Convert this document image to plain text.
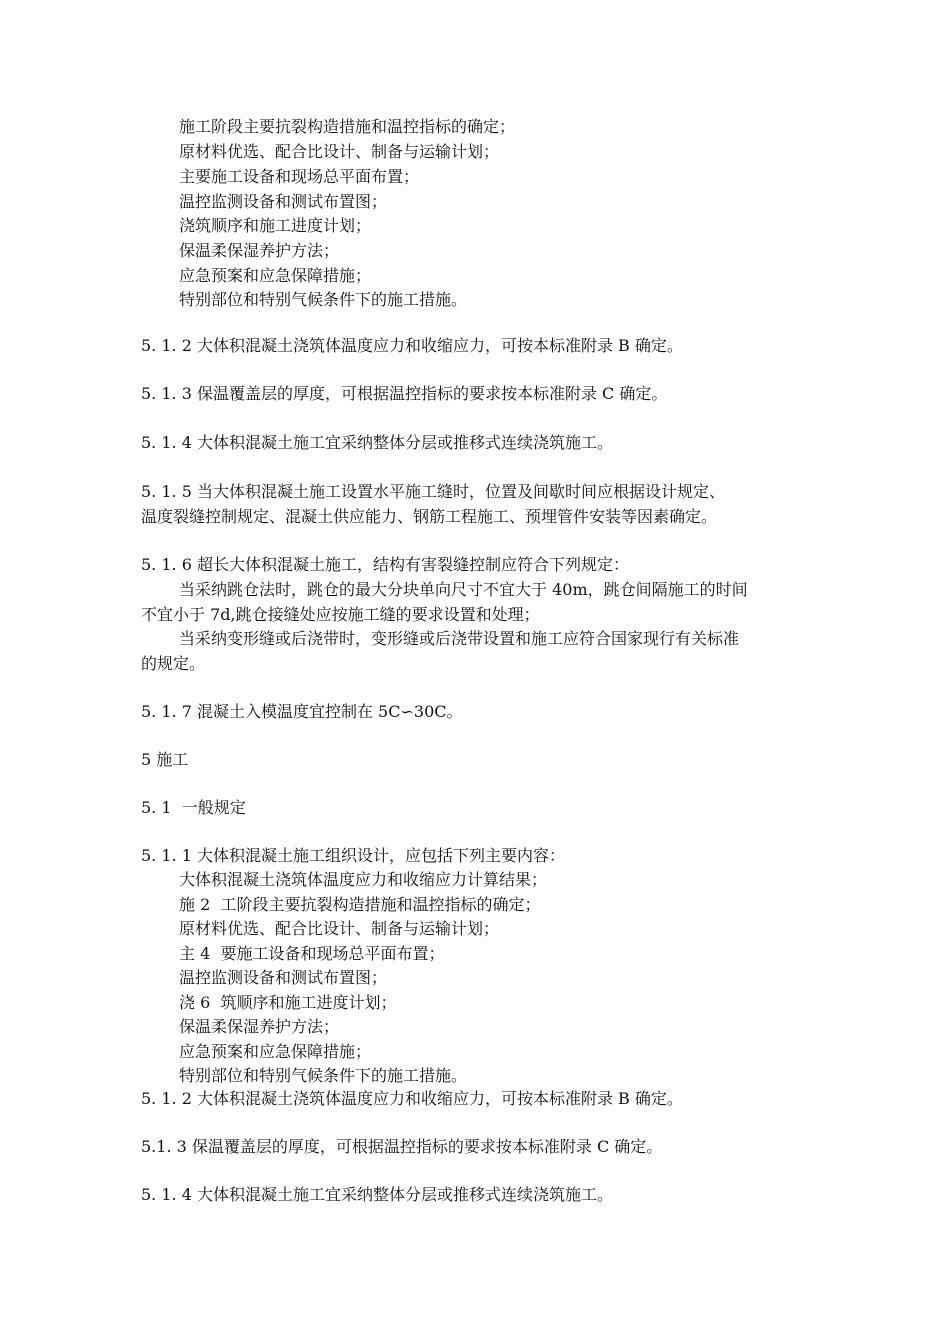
施工阶段主要抗裂构造措施和温控指标的确定；
原材料优选、配合比设计、制备与运输计划；
主要施工设备和现场总平面布置；
温控监测设备和测试布置图；
浇筑顺序和施工进度计划；
保温柔保湿养护方法；
应急预案和应急保障措施；
特别部位和特别气候条件下的施工措施。
5. 1. 2 大体积混凝土浇筑体温度应力和收缩应力，可按本标准附录 B 确定。
5. 1. 3 保温覆盖层的厚度，可根据温控指标的要求按本标准附录 C 确定。
5. 1. 4 大体积混凝土施工宜采纳整体分层或推移式连续浇筑施工。
5. 1. 5 当大体积混凝土施工设置水平施工缝时，位置及间歇时间应根据设计规定、
温度裂缝控制规定、混凝土供应能力、钢筋工程施工、预埋管件安装等因素确定。
5. 1. 6 超长大体积混凝土施工，结构有害裂缝控制应符合下列规定：
当采纳跳仓法时，跳仓的最大分块单向尺寸不宜大于 40m，跳仓间隔施工的时间
不宜小于 7d,跳仓接缝处应按施工缝的要求设置和处理；
当采纳变形缝或后浇带时，变形缝或后浇带设置和施工应符合国家现行有关标准
的规定。
5. 1. 7 混凝土入模温度宜控制在 5C∽30C。
5 施工
5. 1  一般规定
5. 1. 1 大体积混凝土施工组织设计，应包括下列主要内容：
大体积混凝土浇筑体温度应力和收缩应力计算结果；
施 2  工阶段主要抗裂构造措施和温控指标的确定；
原材料优选、配合比设计、制备与运输计划；
主 4  要施工设备和现场总平面布置；
温控监测设备和测试布置图；
浇 6  筑顺序和施工进度计划；
保温柔保湿养护方法；
应急预案和应急保障措施；
特别部位和特别气候条件下的施工措施。
5. 1. 2 大体积混凝土浇筑体温度应力和收缩应力，可按本标准附录 B 确定。
5.1. 3 保温覆盖层的厚度，可根据温控指标的要求按本标准附录 C 确定。
5. 1. 4 大体积混凝土施工宜采纳整体分层或推移式连续浇筑施工。
